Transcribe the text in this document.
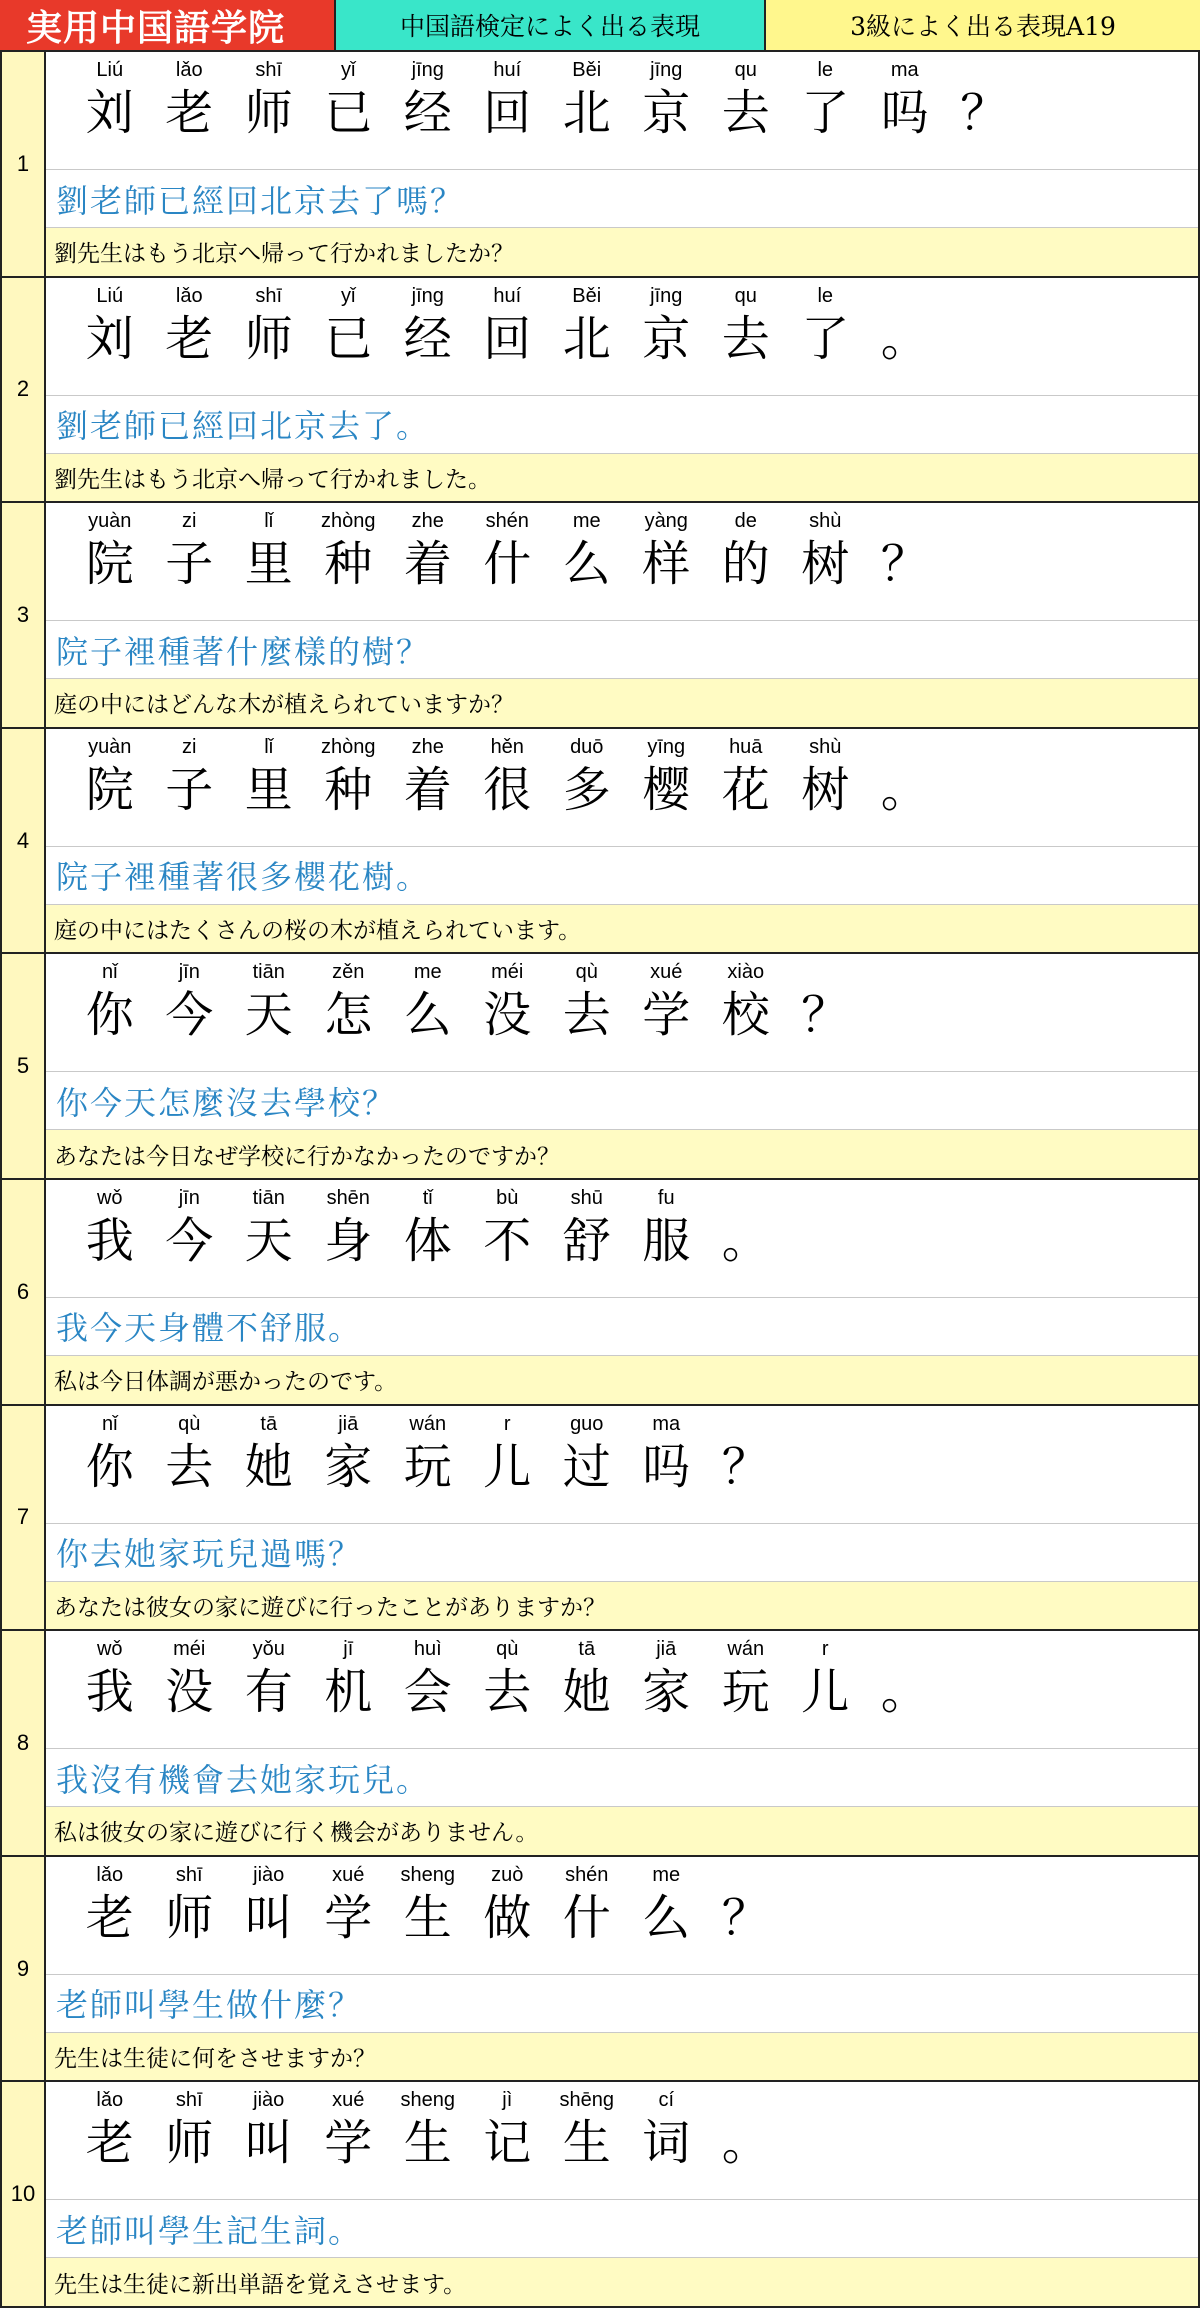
実用中国語学院	中国語検定によく出る表現	3級によく出る表現A19
1
Liú
刘
lǎo
老
shī
师
yǐ
已
jīng
经
huí
回
Běi
北
jīng
京
qu
去
le
了
ma
吗 ？
劉老師已經回北京去了嗎？
劉先生はもう北京へ帰って行かれましたか？
2
Liú
刘
lǎo
老
shī
师
yǐ
已
jīng
经
huí
回
Běi
北
jīng
京
qu
去
le
了 。
劉老師已經回北京去了。
劉先生はもう北京へ帰って行かれました。
3
yuàn
院
zi
子
lǐ
里
zhòng
种
zhe
着
shén
什
me
么
yàng
样
de
的
shù
树 ？
院子裡種著什麼樣的樹？
庭の中にはどんな木が植えられていますか？
4
yuàn
院
zi
子
lǐ
里
zhòng
种
zhe
着
hěn
很
duō
多
yīng
樱
huā
花
shù
树 。
院子裡種著很多櫻花樹。
庭の中にはたくさんの桜の木が植えられています。
5
nǐ
你
jīn
今
tiān
天
zěn
怎
me
么
méi
没
qù
去
xué
学
xiào
校 ？
你今天怎麼沒去學校？
あなたは今日なぜ学校に行かなかったのですか？
6
wǒ
我
jīn
今
tiān
天
shēn
身
tǐ
体
bù
不
shū
舒
fu
服 。
我今天身體不舒服。
私は今日体調が悪かったのです。
7
nǐ
你
qù
去
tā
她
jiā
家
wán
玩
r
儿
guo
过
ma
吗 ？
你去她家玩兒過嗎？
あなたは彼女の家に遊びに行ったことがありますか？
8
wǒ
我
méi
没
yǒu
有
jī
机
huì
会
qù
去
tā
她
jiā
家
wán
玩
r
儿 。
我沒有機會去她家玩兒。
私は彼女の家に遊びに行く機会がありません。
9
lǎo
老
shī
师
jiào
叫
xué
学
sheng
生
zuò
做
shén
什
me
么 ？
老師叫學生做什麼？
先生は生徒に何をさせますか？
10
lǎo
老
shī
师
jiào
叫
xué
学
sheng
生
jì
记
shēng
生
cí
词 。
老師叫學生記生詞。
先生は生徒に新出単語を覚えさせます。
